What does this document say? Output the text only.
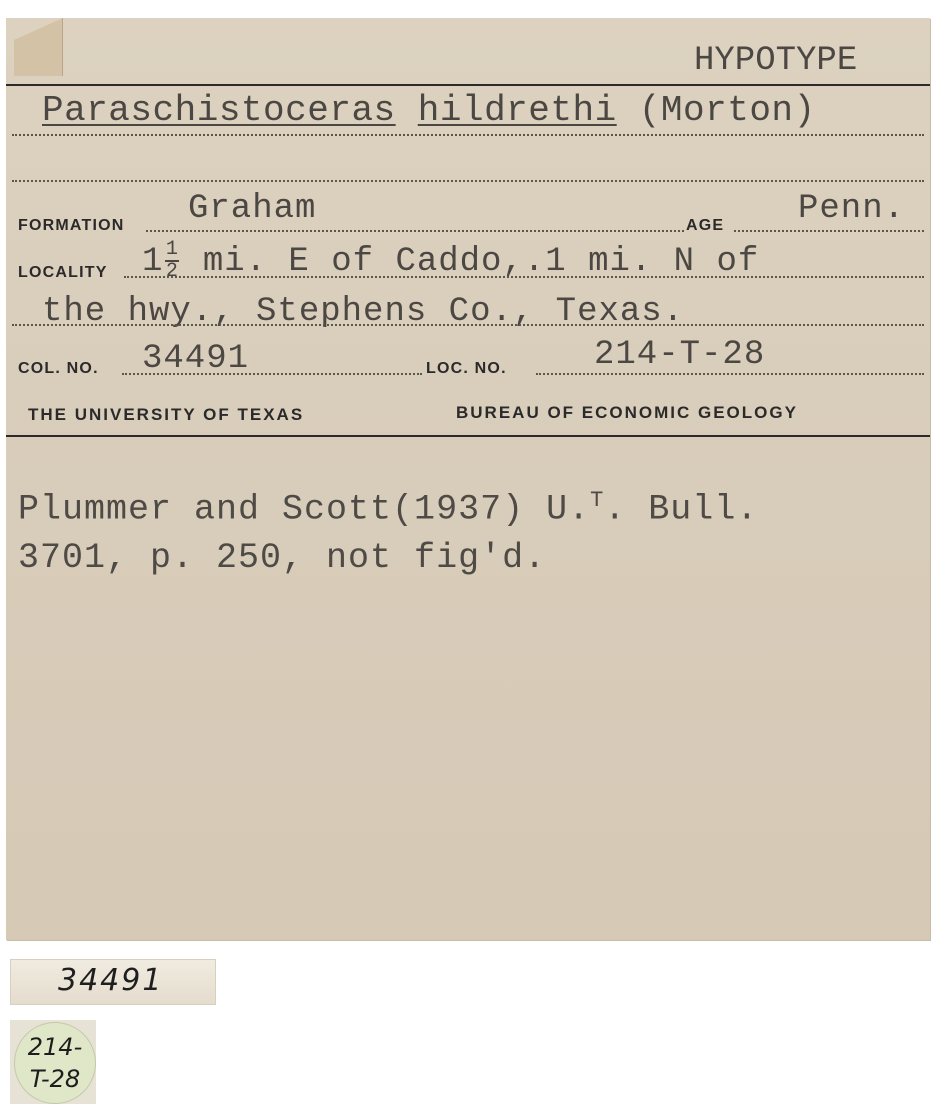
HYPOTYPE
Paraschistoceras hildrethi (Morton)
FORMATION Graham	AGE Penn.
LOCALITY $1 \frac{1}{2}$ mi. E of Caddo,.1 mi. N of
the hwy., Stephens Co., Texas.
COL. NO. 34491	LOC. NO.	214-T-28
THE UNIVERSITY OF TEXAS	BUREAU OF ECONOMIC GEOLOGY
Plummer and Scott(1937) U.$^T$. Bull.
3701, p. 250, not fig'd.
34491
214-
T-28
